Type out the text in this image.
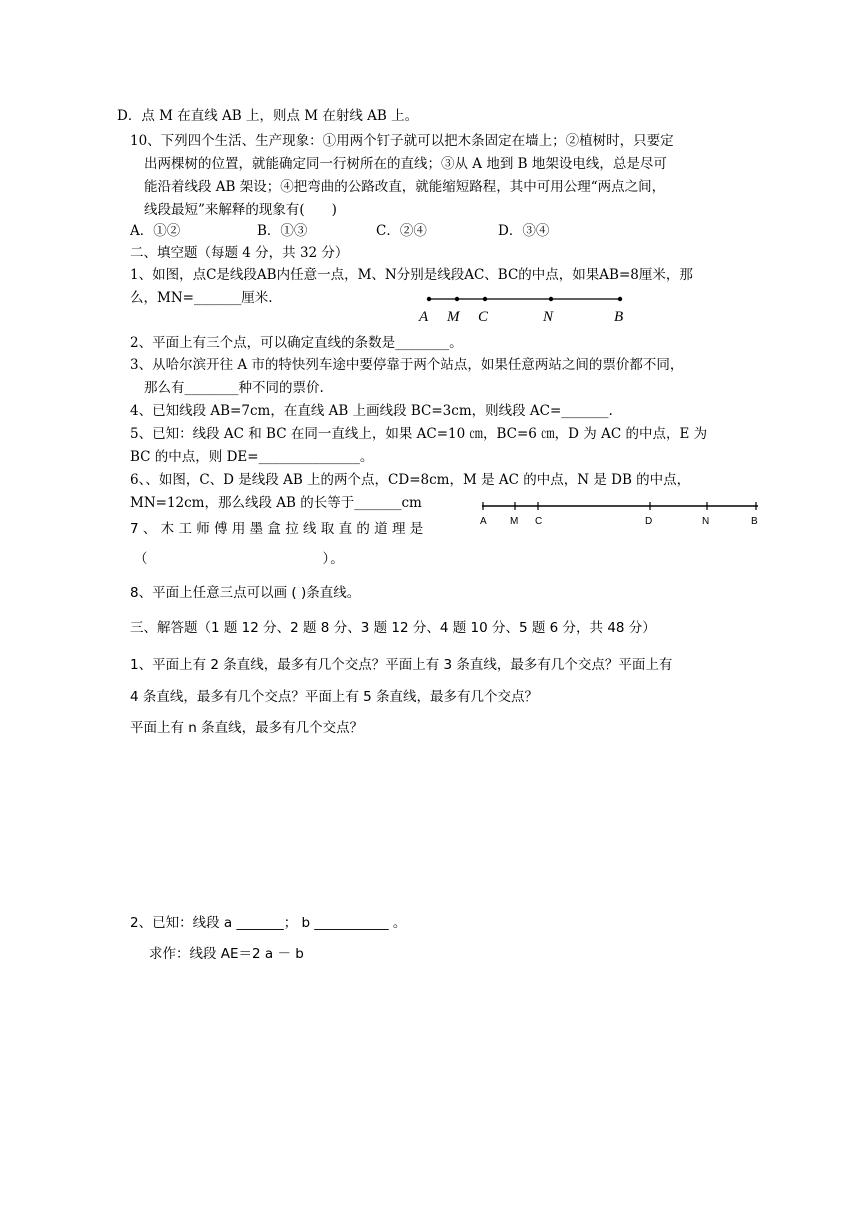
D．点 M 在直线 AB 上，则点 M 在射线 AB 上。
10、下列四个生活、生产现象：①用两个钉子就可以把木条固定在墙上；②植树时，只要定
出两棵树的位置，就能确定同一行树所在的直线；③从 A 地到 B 地架设电线，总是尽可
能沿着线段 AB 架设；④把弯曲的公路改直，就能缩短路程，其中可用公理“两点之间，
线段最短”来解释的现象有(　　)
A．①②	B．①③	C．②④	D．③④
二、填空题（每题 4 分，共 32 分）
1、如图，点C是线段AB内任意一点，M、N分别是线段AC、BC的中点，如果AB=8厘米，那
么，MN=_______厘米.
A M C	N	B
2、平面上有三个点，可以确定直线的条数是________。
3、从哈尔滨开往 A 市的特快列车途中要停靠于两个站点，如果任意两站之间的票价都不同，
那么有________种不同的票价.
4、已知线段 AB=7cm，在直线 AB 上画线段 BC=3cm，则线段 AC=_______.
5、已知：线段 AC 和 BC 在同一直线上，如果 AC=10 ㎝，BC=6 ㎝，D 为 AC 的中点，E 为
BC 的中点，则 DE=_______________。
6、、如图，C、D 是线段 AB 上的两个点，CD=8cm，M 是 AC 的中点，N 是 DB 的中点，
MN=12cm，那么线段 AB 的长等于_______cm
A M C	D	N	B
7 、 木 工 师 傅 用 墨 盒 拉 线 取 直 的 道 理 是
（　　　　　　　　　　　　）。
8、平面上任意三点可以画 ( )条直线。
三、解答题（1 题 12 分、2 题 8 分、3 题 12 分、4 题 10 分、5 题 6 分，共 48 分）
1、平面上有 2 条直线，最多有几个交点？平面上有 3 条直线，最多有几个交点？平面上有
4 条直线，最多有几个交点？平面上有 5 条直线，最多有几个交点？
平面上有 n 条直线，最多有几个交点？
2、已知：线段 a _______； b ___________ 。
求作：线段 AE＝2 a － b
